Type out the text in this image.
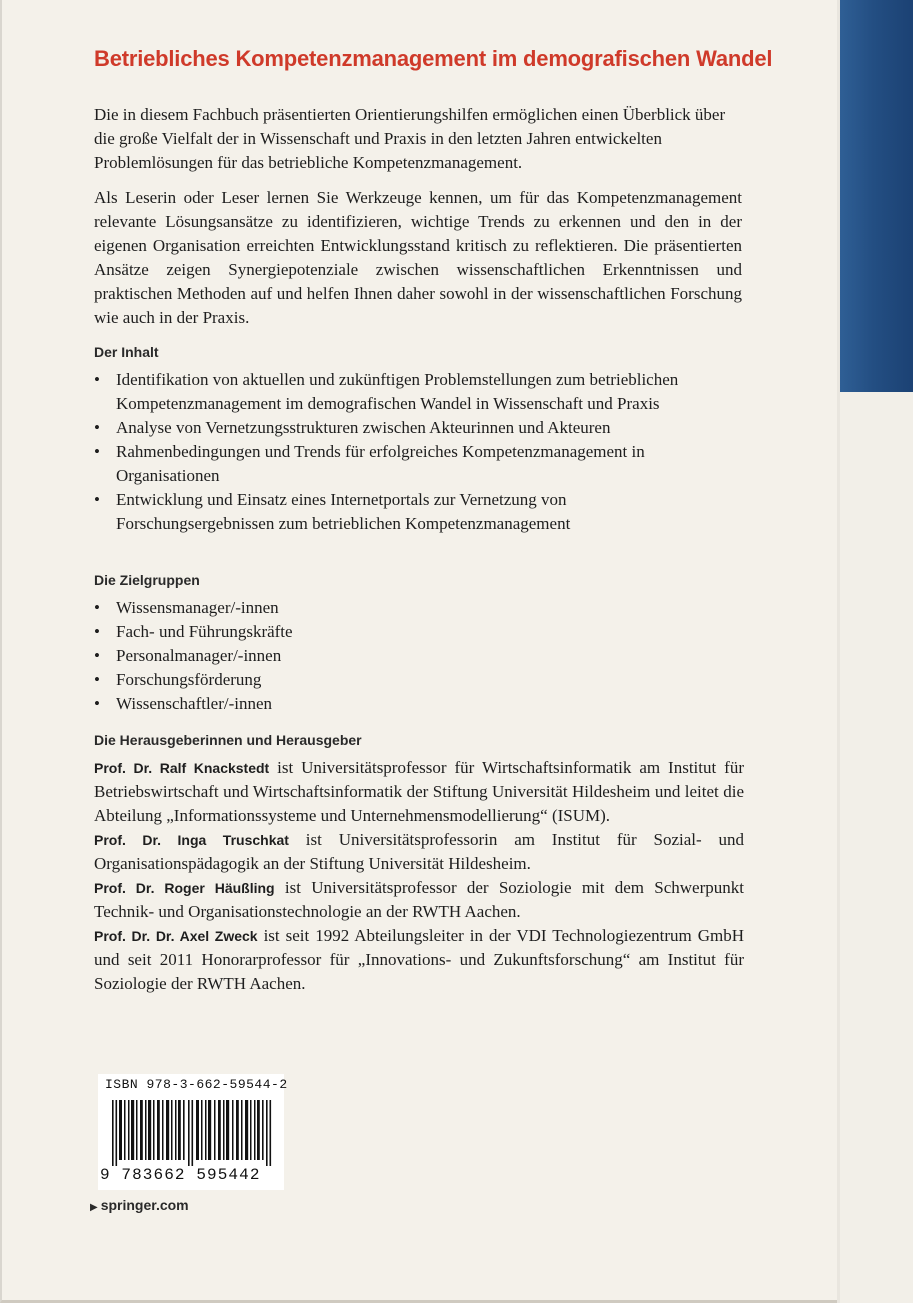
Betriebliches Kompetenzmanagement im demografischen Wandel

Die in diesem Fachbuch präsentierten Orientierungshilfen ermöglichen einen Überblick über die große Vielfalt der in Wissenschaft und Praxis in den letzten Jahren entwickelten Problemlösungen für das betriebliche Kompetenzmanagement.

Als Leserin oder Leser lernen Sie Werkzeuge kennen, um für das Kompetenzmanagement relevante Lösungsansätze zu identifizieren, wichtige Trends zu erkennen und den in der eigenen Organisation erreichten Entwicklungsstand kritisch zu reflektieren. Die präsentierten Ansätze zeigen Synergiepotenziale zwischen wissenschaftlichen Erkenntnissen und praktischen Methoden auf und helfen Ihnen daher sowohl in der wissenschaftlichen Forschung wie auch in der Praxis.

Der Inhalt
• Identifikation von aktuellen und zukünftigen Problemstellungen zum betrieblichen Kompetenzmanagement im demografischen Wandel in Wissenschaft und Praxis
• Analyse von Vernetzungsstrukturen zwischen Akteurinnen und Akteuren
• Rahmenbedingungen und Trends für erfolgreiches Kompetenzmanagement in Organisationen
• Entwicklung und Einsatz eines Internetportals zur Vernetzung von Forschungsergebnissen zum betrieblichen Kompetenzmanagement
Die Zielgruppen
• Wissensmanager/-innen
• Fach- und Führungskräfte
• Personalmanager/-innen
• Forschungsförderung
• Wissenschaftler/-innen
Die Herausgeberinnen und Herausgeber
Prof. Dr. Ralf Knackstedt ist Universitätsprofessor für Wirtschaftsinformatik am Institut für Betriebswirtschaft und Wirtschaftsinformatik der Stiftung Universität Hildesheim und leitet die Abteilung „Informationssysteme und Unternehmensmodellierung“ (ISUM).
Prof. Dr. Inga Truschkat ist Universitätsprofessorin am Institut für Sozial- und Organisationspädagogik an der Stiftung Universität Hildesheim.
Prof. Dr. Roger Häußling ist Universitätsprofessor der Soziologie mit dem Schwerpunkt Technik- und Organisationstechnologie an der RWTH Aachen.
Prof. Dr. Dr. Axel Zweck ist seit 1992 Abteilungsleiter in der VDI Technologiezentrum GmbH und seit 2011 Honorarprofessor für „Innovations- und Zukunftsforschung“ am Institut für Soziologie der RWTH Aachen.
ISBN 978-3-662-59544-2
9 783662 595442
▶ springer.com
